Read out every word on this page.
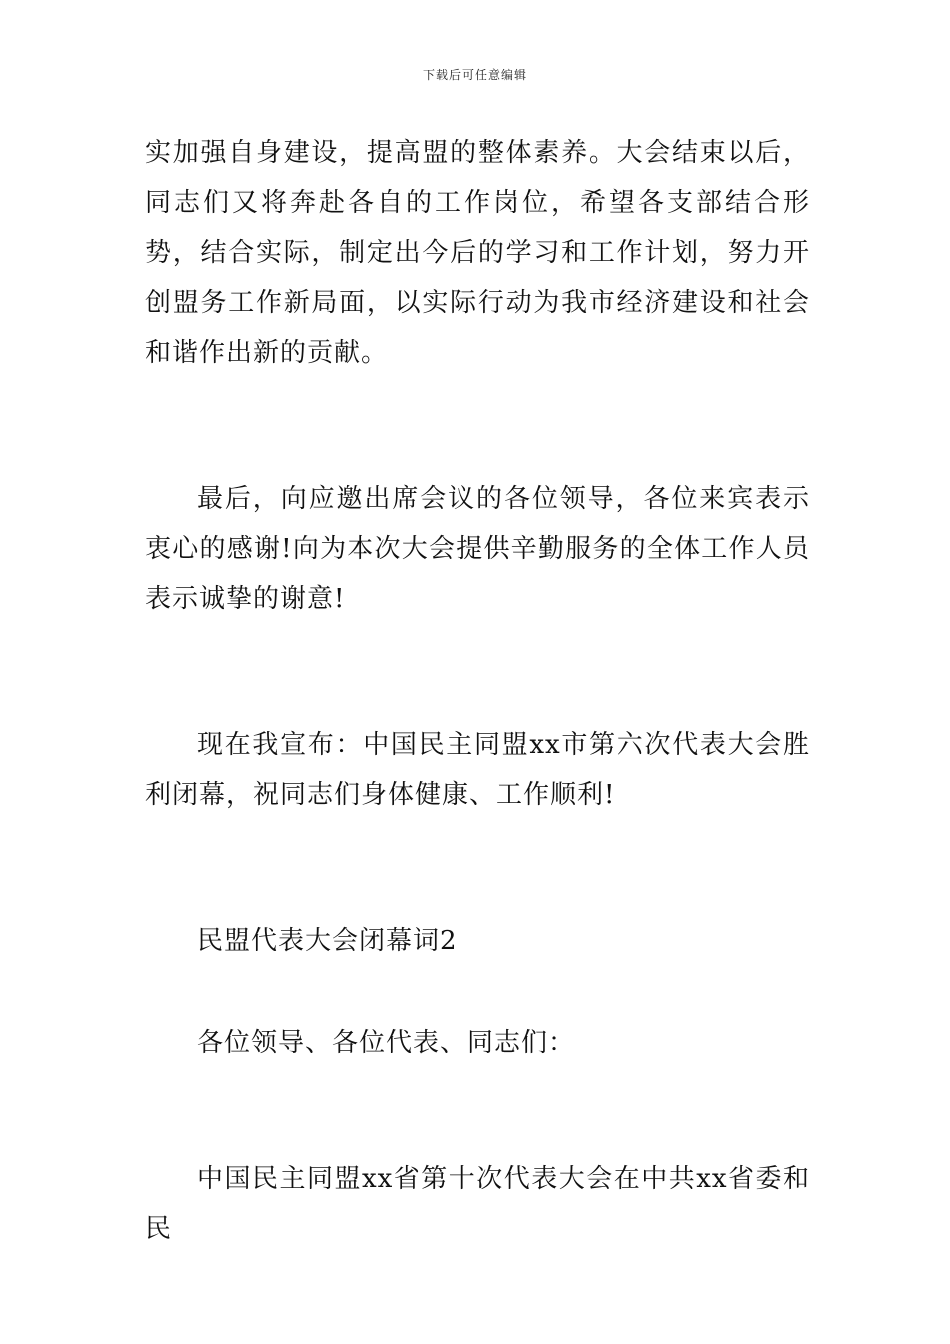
下载后可任意编辑

实加强自身建设，提高盟的整体素养。大会结束以后，同志们又将奔赴各自的工作岗位，希望各支部结合形势，结合实际，制定出今后的学习和工作计划，努力开创盟务工作新局面，以实际行动为我市经济建设和社会和谐作出新的贡献。

最后，向应邀出席会议的各位领导，各位来宾表示衷心的感谢!向为本次大会提供辛勤服务的全体工作人员表示诚挚的谢意!

现在我宣布：中国民主同盟xx市第六次代表大会胜利闭幕，祝同志们身体健康、工作顺利!

民盟代表大会闭幕词2

各位领导、各位代表、同志们：

中国民主同盟xx省第十次代表大会在中共xx省委和民
